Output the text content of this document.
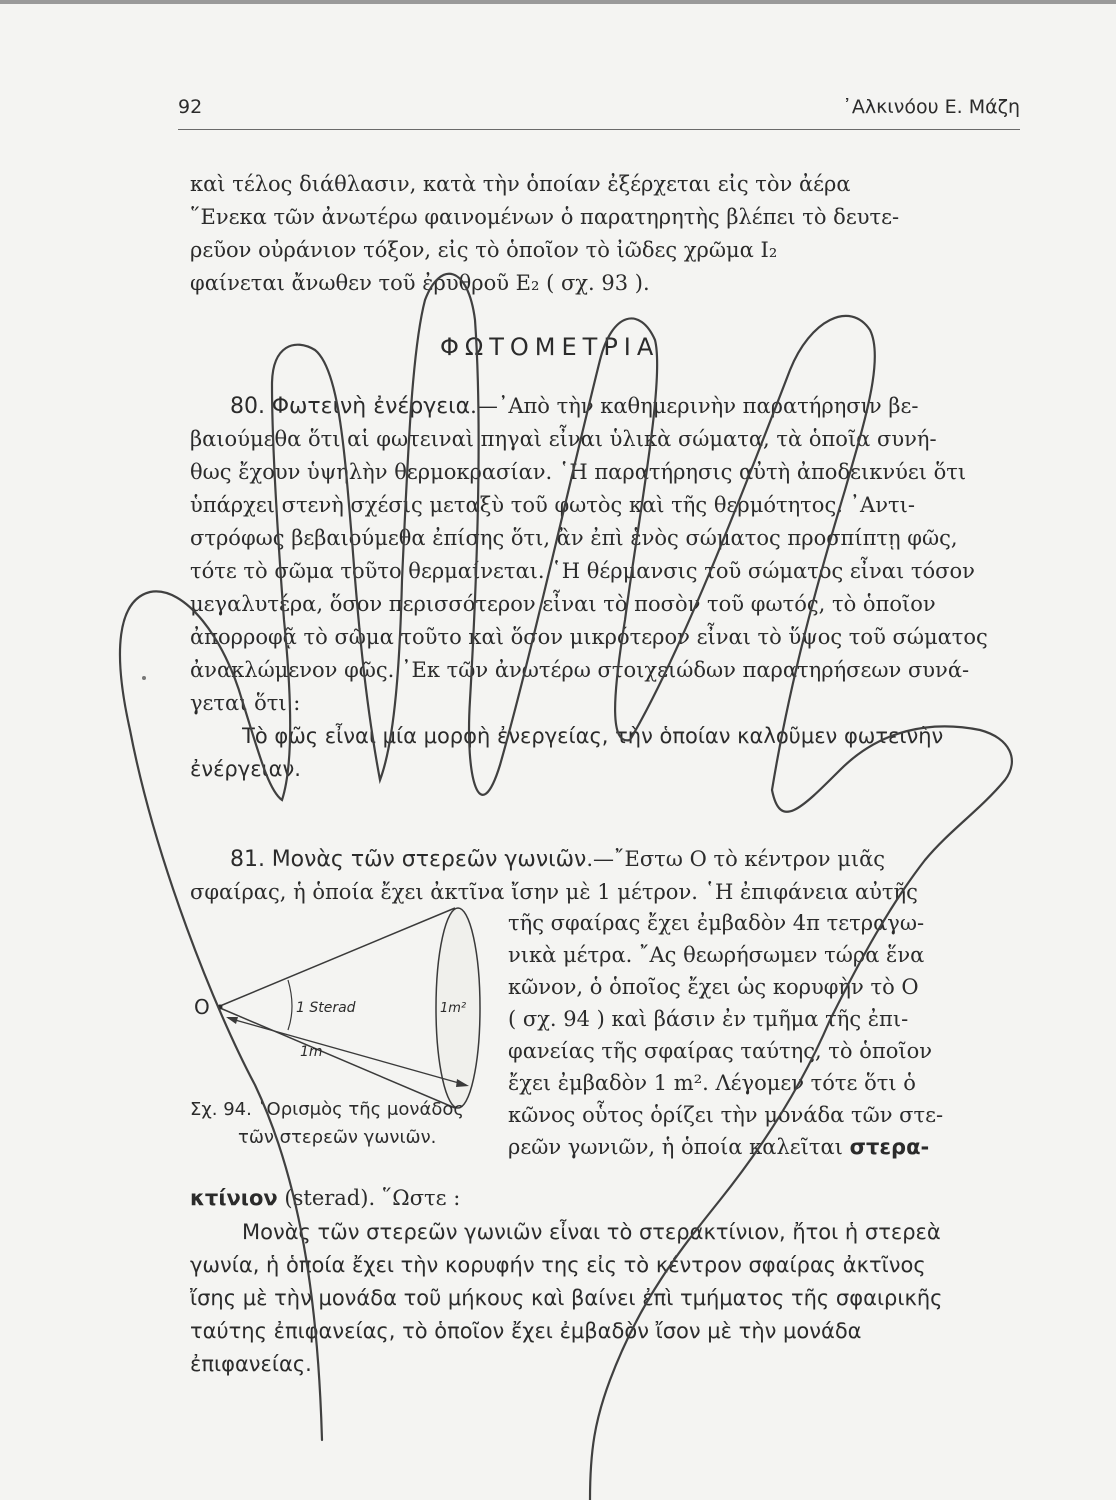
92	᾿Αλκινόου Ε. Μάζη
καὶ τέλος διάθλασιν, κατὰ τὴν ὁποίαν ἐξέρχεται εἰς τὸν ἀέρα
῞Ενεκα τῶν ἀνωτέρω φαινομένων ὁ παρατηρητὴς βλέπει τὸ δευτε-
ρεῦον οὐράνιον τόξον, εἰς τὸ ὁποῖον τὸ ἰῶδες χρῶμα I₂
φαίνεται ἄνωθεν τοῦ ἐρυθροῦ E₂ ( σχ. 93 ).
ΦΩΤΟΜΕΤΡΙΑ
80. Φωτεινὴ ἐνέργεια.—᾿Απὸ τὴν καθημερινὴν παρατήρησιν βε-
βαιούμεθα ὅτι αἱ φωτειναὶ πηγαὶ εἶναι ὑλικὰ σώματα, τὰ ὁποῖα συνή-
θως ἔχουν ὑψηλὴν θερμοκρασίαν. ῾Η παρατήρησις αὐτὴ ἀποδεικνύει ὅτι
ὑπάρχει στενὴ σχέσις μεταξὺ τοῦ φωτὸς καὶ τῆς θερμότητος. ᾿Αντι-
στρόφως βεβαιούμεθα ἐπίσης ὅτι, ἂν ἐπὶ ἑνὸς σώματος προσπίπτῃ φῶς,
τότε τὸ σῶμα τοῦτο θερμαίνεται. ῾Η θέρμανσις τοῦ σώματος εἶναι τόσον
μεγαλυτέρα, ὅσον περισσότερον εἶναι τὸ ποσὸν τοῦ φωτός, τὸ ὁποῖον
ἀπορροφᾷ τὸ σῶμα τοῦτο καὶ ὅσον μικρότερον εἶναι τὸ ὕψος τοῦ σώματος
ἀνακλώμενον φῶς. ᾿Εκ τῶν ἀνωτέρω στοιχειώδων παρατηρήσεων συνά-
γεται ὅτι :
Τὸ φῶς εἶναι μία μορφὴ ἐνεργείας, τὴν ὁποίαν καλοῦμεν φωτεινὴν
ἐνέργειαν.
81. Μονὰς τῶν στερεῶν γωνιῶν.—῎Εστω Ο τὸ κέντρον μιᾶς
σφαίρας, ἡ ὁποία ἔχει ἀκτῖνα ἴσην μὲ 1 μέτρον. ῾Η ἐπιφάνεια αὐτῆς
O	1 Sterad
1m
1m²
Σχ. 94. ῾Ορισμὸς τῆς μονάδος
τῶν στερεῶν γωνιῶν.
τῆς σφαίρας ἔχει ἐμβαδὸν 4π τετραγω-
νικὰ μέτρα. ῎Ας θεωρήσωμεν τώρα ἕνα
κῶνον, ὁ ὁποῖος ἔχει ὡς κορυφὴν τὸ Ο
( σχ. 94 ) καὶ βάσιν ἐν τμῆμα τῆς ἐπι-
φανείας τῆς σφαίρας ταύτης, τὸ ὁποῖον
ἔχει ἐμβαδὸν 1 m². Λέγομεν τότε ὅτι ὁ
κῶνος οὗτος ὁρίζει τὴν μονάδα τῶν στε-
ρεῶν γωνιῶν, ἡ ὁποία καλεῖται στερα-
κτίνιον (sterad). ῞Ωστε :
Μονὰς τῶν στερεῶν γωνιῶν εἶναι τὸ στερακτίνιον, ἤτοι ἡ στερεὰ
γωνία, ἡ ὁποία ἔχει τὴν κορυφήν της εἰς τὸ κέντρον σφαίρας ἀκτῖνος
ἴσης μὲ τὴν μονάδα τοῦ μήκους καὶ βαίνει ἐπὶ τμήματος τῆς σφαιρικῆς
ταύτης ἐπιφανείας, τὸ ὁποῖον ἔχει ἐμβαδὸν ἴσον μὲ τὴν μονάδα
ἐπιφανείας.
